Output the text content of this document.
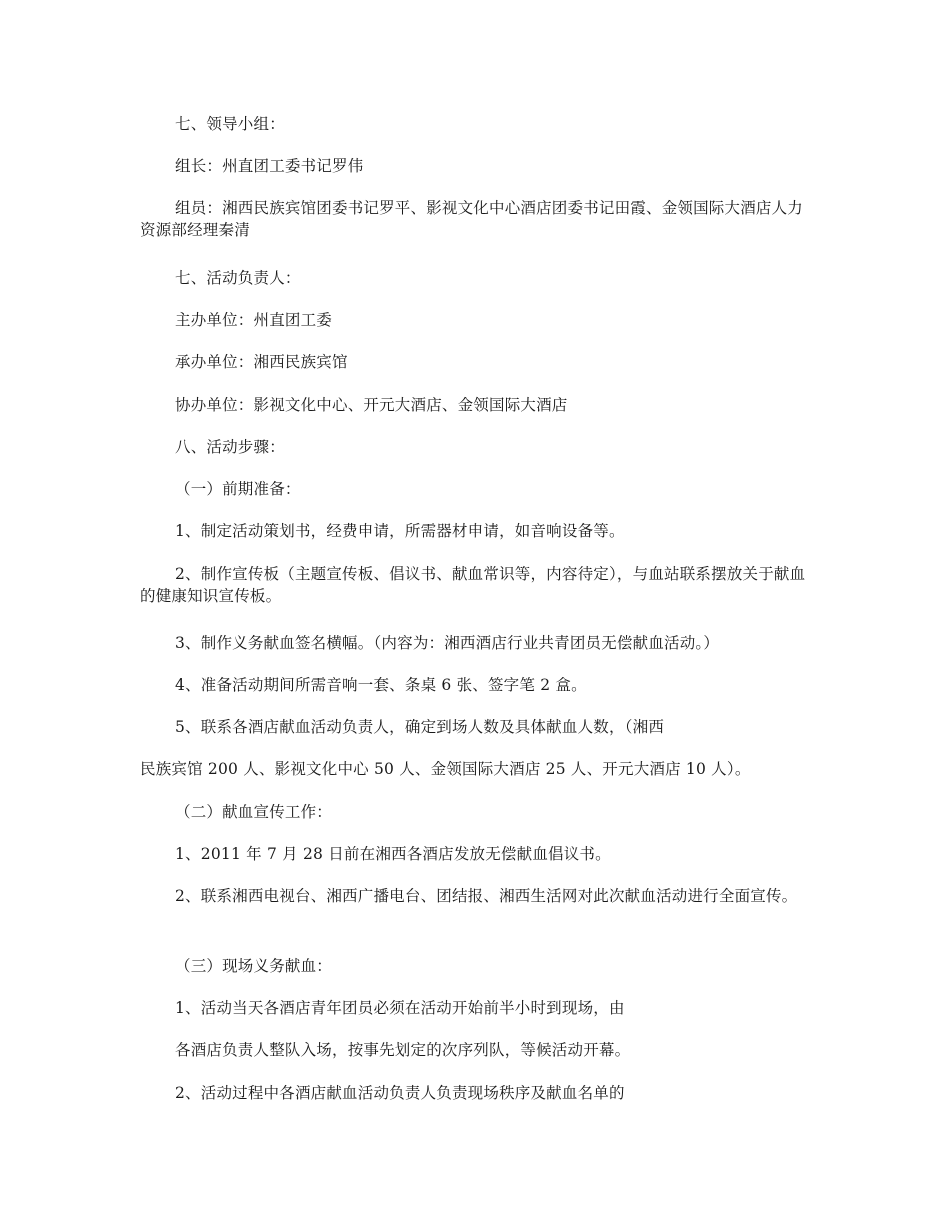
七、领导小组：

组长：州直团工委书记罗伟

组员：湘西民族宾馆团委书记罗平、影视文化中心酒店团委书记田霞、金领国际大酒店人力资源部经理秦清

七、活动负责人：

主办单位：州直团工委

承办单位：湘西民族宾馆

协办单位：影视文化中心、开元大酒店、金领国际大酒店

八、活动步骤：

（一）前期准备：

1、制定活动策划书，经费申请，所需器材申请，如音响设备等。

2、制作宣传板（主题宣传板、倡议书、献血常识等，内容待定），与血站联系摆放关于献血的健康知识宣传板。

3、制作义务献血签名横幅。（内容为：湘西酒店行业共青团员无偿献血活动。）

4、准备活动期间所需音响一套、条桌 6 张、签字笔 2 盒。

5、联系各酒店献血活动负责人，确定到场人数及具体献血人数，（湘西

民族宾馆 200 人、影视文化中心 50 人、金领国际大酒店 25 人、开元大酒店 10 人）。

（二）献血宣传工作：

1、2011 年 7 月 28 日前在湘西各酒店发放无偿献血倡议书。

2、联系湘西电视台、湘西广播电台、团结报、湘西生活网对此次献血活动进行全面宣传。

（三）现场义务献血：

1、活动当天各酒店青年团员必须在活动开始前半小时到现场，由

各酒店负责人整队入场，按事先划定的次序列队，等候活动开幕。

2、活动过程中各酒店献血活动负责人负责现场秩序及献血名单的
